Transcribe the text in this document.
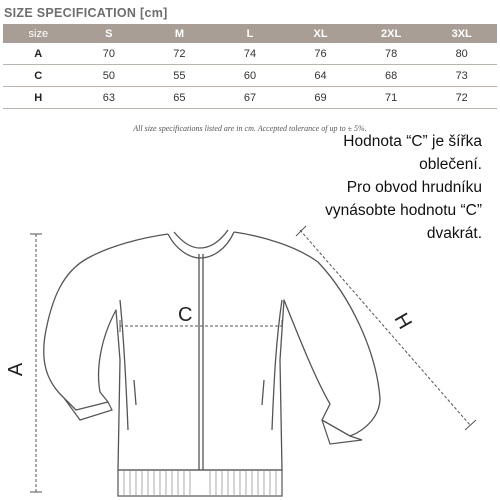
SIZE SPECIFICATION [cm]
size	S	M	L	XL	2XL	3XL
A	70	72	74	76	78	80
C	50	55	60	64	68	73
H	63	65	67	69	71	72
All size specifications listed are in cm. Accepted tolerance of up to ± 5%.
Hodnota “C” je šířka
oblečení.
Pro obvod hrudníku
vynásobte hodnotu “C”
dvakrát.
A
C	H
